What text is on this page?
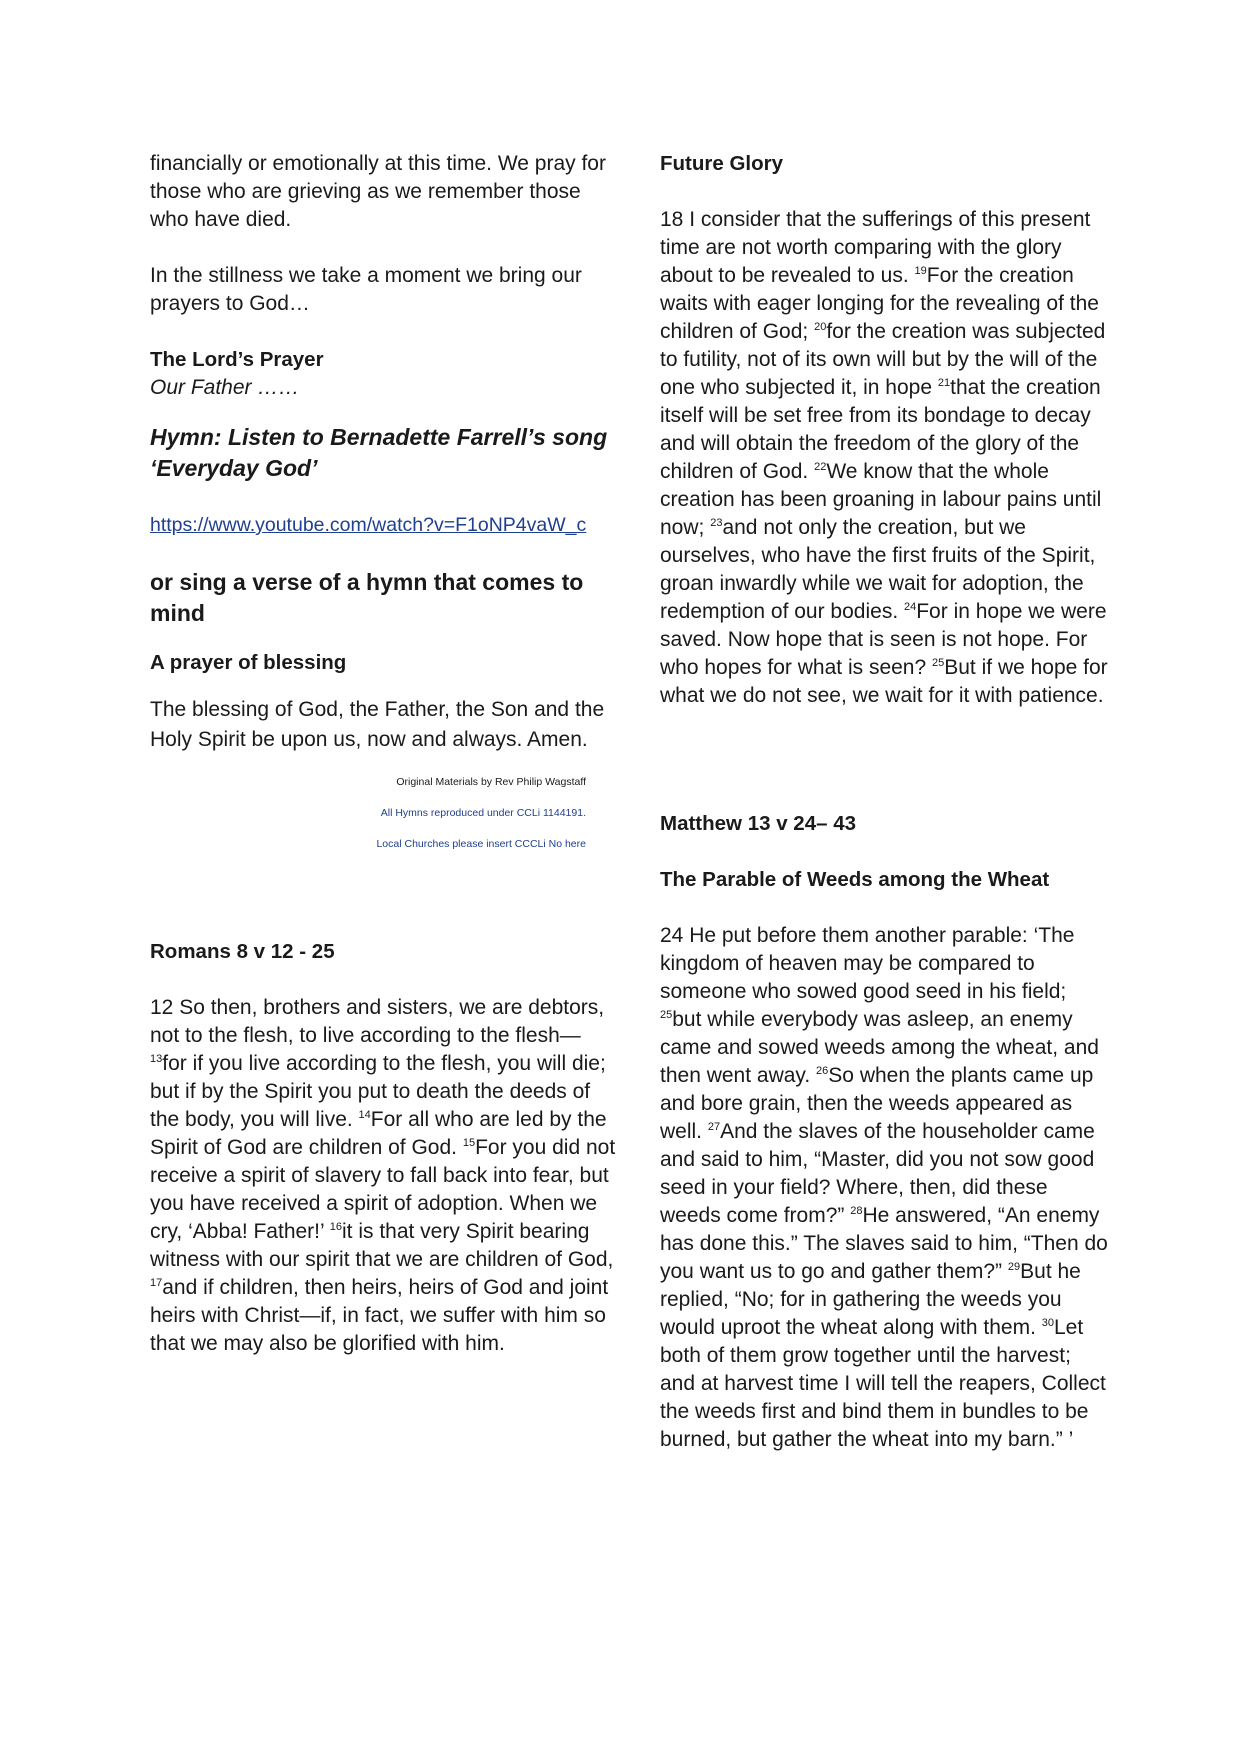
financially or emotionally at this time. We pray for those who are grieving as we remember those who have died.

In the stillness we take a moment we bring our prayers to God…

The Lord’s Prayer

Our Father ……

Hymn: Listen to Bernadette Farrell’s song ‘Everyday God’

https://www.youtube.com/watch?v=F1oNP4vaW_c

or sing a verse of a hymn that comes to mind

A prayer of blessing

The blessing of God, the Father, the Son and the Holy Spirit be upon us, now and always. Amen.

Original Materials by Rev Philip Wagstaff

All Hymns reproduced under CCLi 1144191.

Local Churches please insert CCCLi No here

Romans 8 v 12 - 25

12 So then, brothers and sisters, we are debtors, not to the flesh, to live according to the flesh— $^{13}$for if you live according to the flesh, you will die; but if by the Spirit you put to death the deeds of the body, you will live. $^{14}$For all who are led by the Spirit of God are children of God. $^{15}$For you did not receive a spirit of slavery to fall back into fear, but you have received a spirit of adoption. When we cry, ‘Abba! Father!’ $^{16}$it is that very Spirit bearing witness with our spirit that we are children of God, $^{17}$and if children, then heirs, heirs of God and joint heirs with Christ—if, in fact, we suffer with him so that we may also be glorified with him.

Future Glory

18 I consider that the sufferings of this present time are not worth comparing with the glory about to be revealed to us. $^{19}$For the creation waits with eager longing for the revealing of the children of God; $^{20}$for the creation was subjected to futility, not of its own will but by the will of the one who subjected it, in hope $^{21}$that the creation itself will be set free from its bondage to decay and will obtain the freedom of the glory of the children of God. $^{22}$We know that the whole creation has been groaning in labour pains until now; $^{23}$and not only the creation, but we ourselves, who have the first fruits of the Spirit, groan inwardly while we wait for adoption, the redemption of our bodies. $^{24}$For in hope we were saved. Now hope that is seen is not hope. For who hopes for what is seen? $^{25}$But if we hope for what we do not see, we wait for it with patience.

Matthew 13 v 24– 43

The Parable of Weeds among the Wheat

24 He put before them another parable: ‘The kingdom of heaven may be compared to someone who sowed good seed in his field; $^{25}$but while everybody was asleep, an enemy came and sowed weeds among the wheat, and then went away. $^{26}$So when the plants came up and bore grain, then the weeds appeared as well. $^{27}$And the slaves of the householder came and said to him, “Master, did you not sow good seed in your field? Where, then, did these weeds come from?” $^{28}$He answered, “An enemy has done this.” The slaves said to him, “Then do you want us to go and gather them?” $^{29}$But he replied, “No; for in gathering the weeds you would uproot the wheat along with them. $^{30}$Let both of them grow together until the harvest; and at harvest time I will tell the reapers, Collect the weeds first and bind them in bundles to be burned, but gather the wheat into my barn.” ’
